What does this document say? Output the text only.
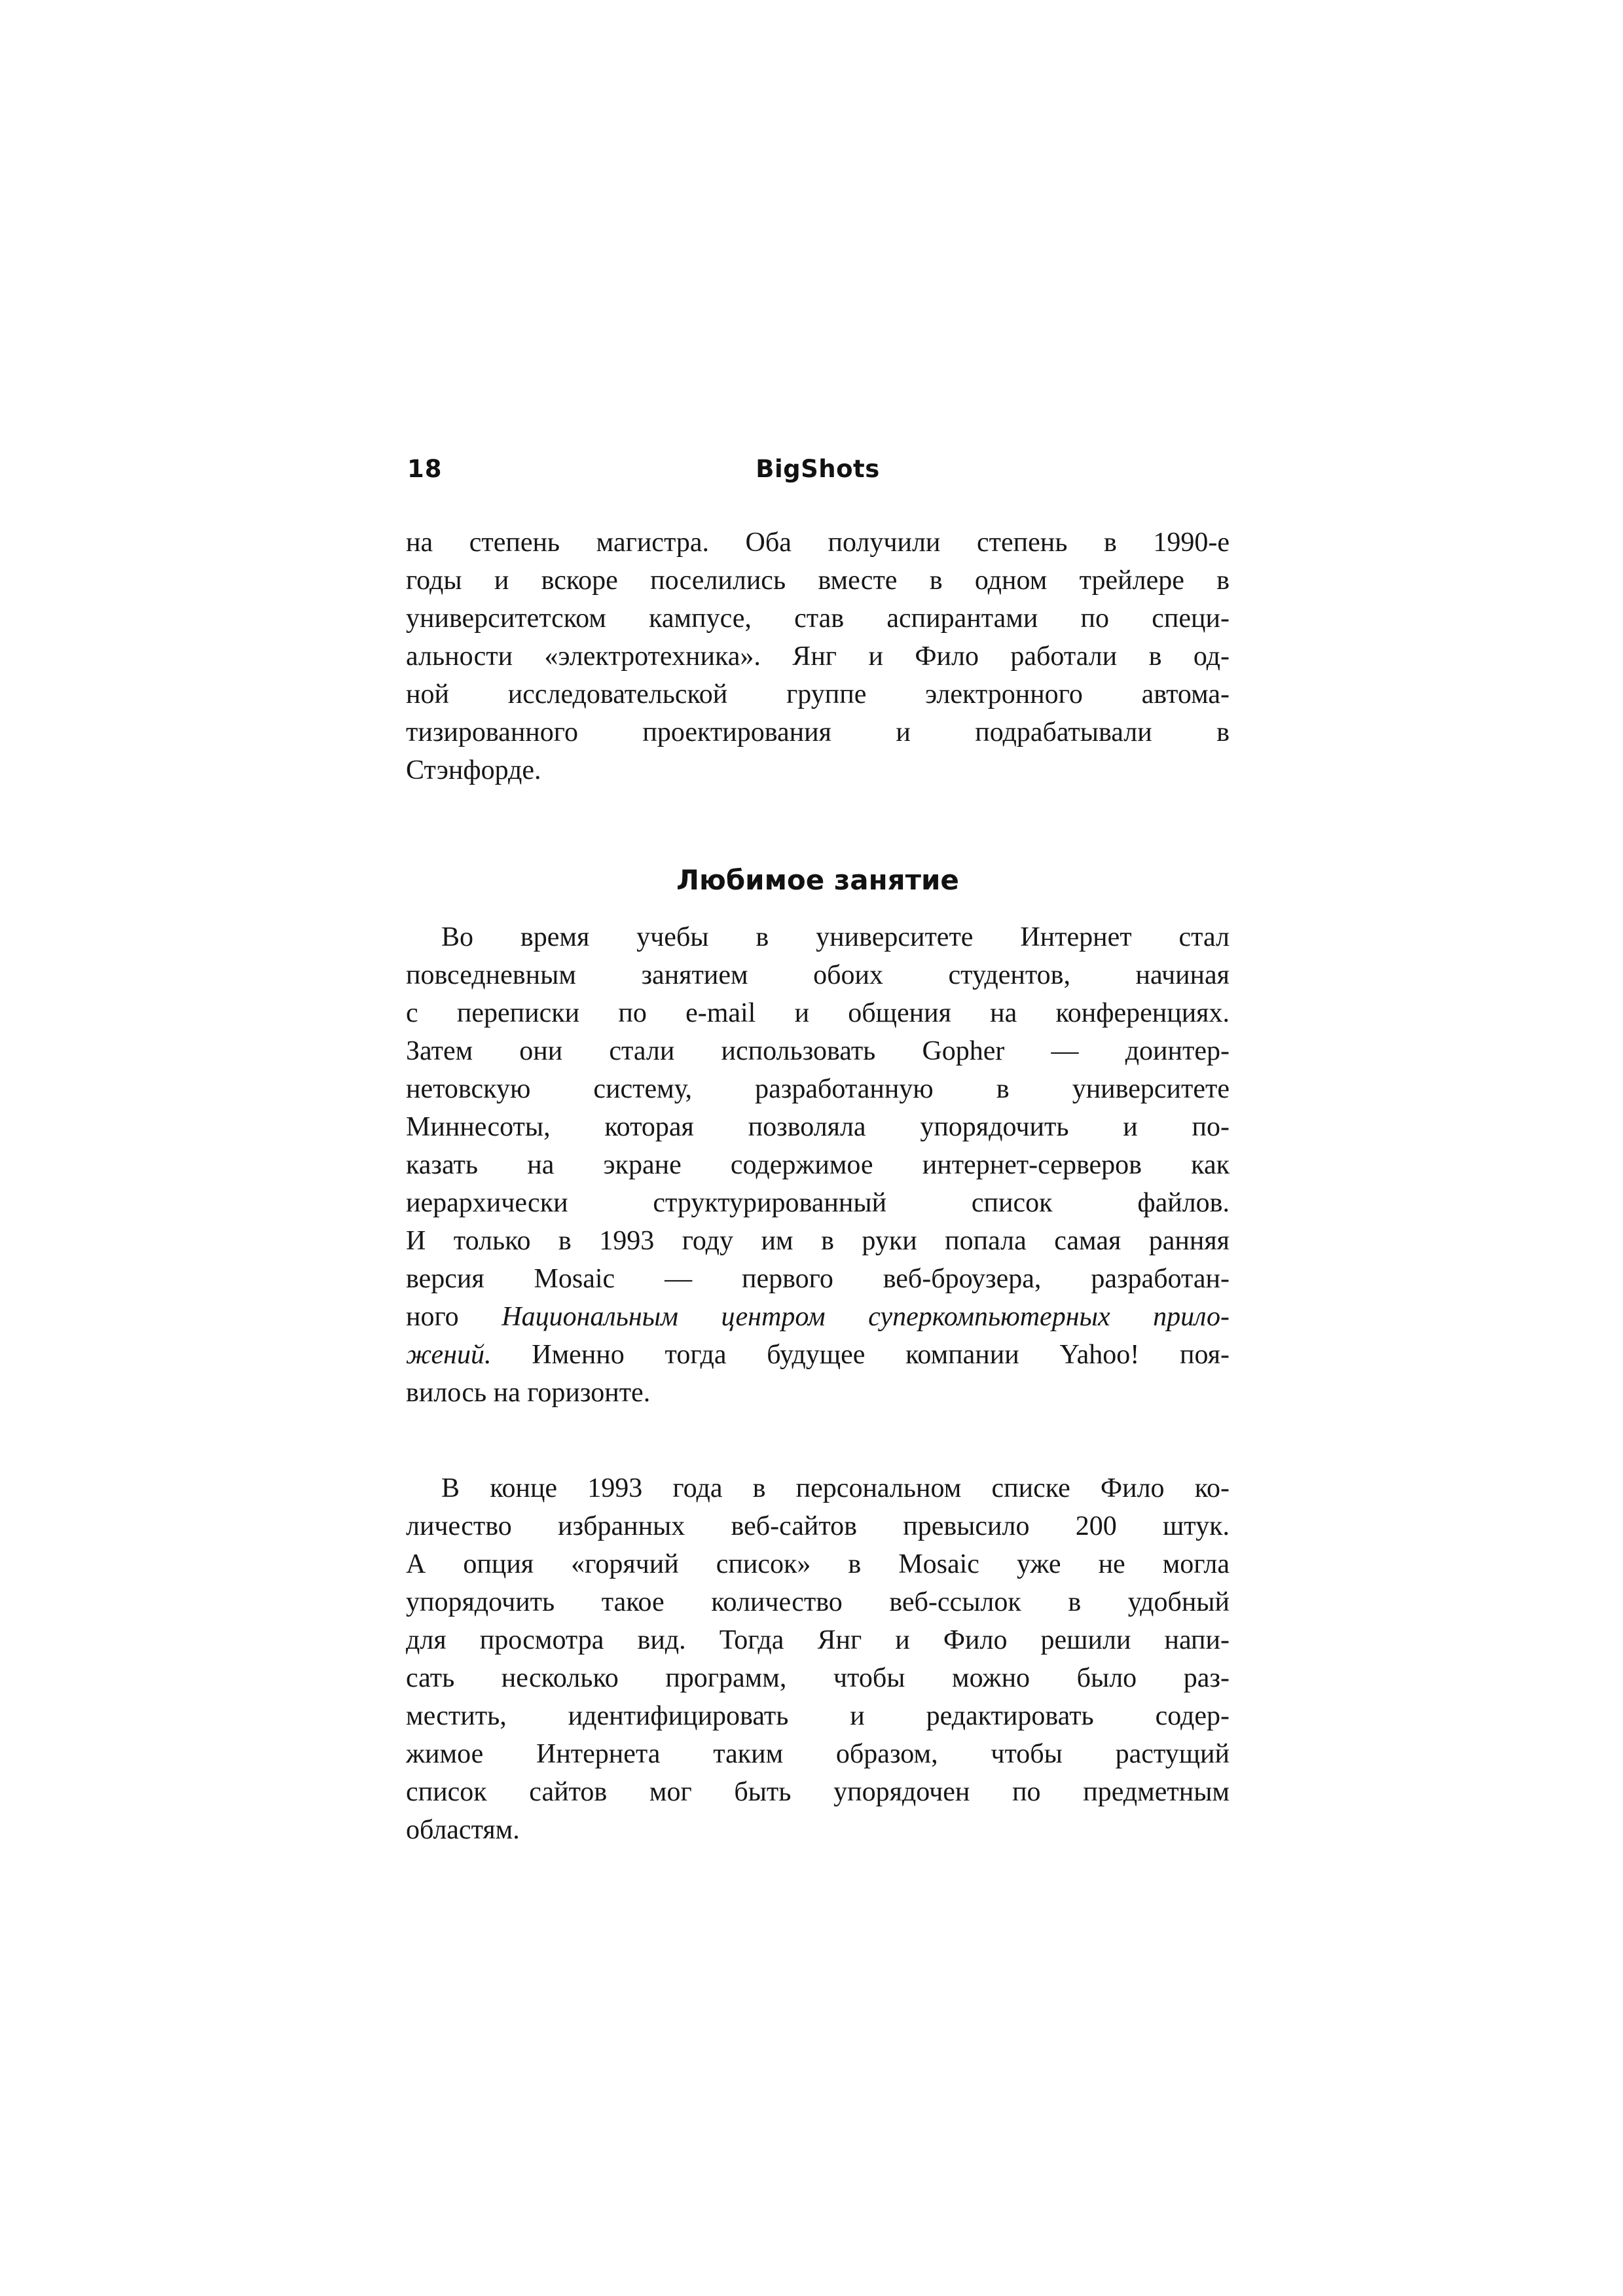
18	BigShots
на степень магистра. Оба получили степень в 1990-е
годы и вскоре поселились вместе в одном трейлере в
университетском кампусе, став аспирантами по специ-
альности «электротехника». Янг и Фило работали в од-
ной исследовательской группе электронного автома-
тизированного проектирования и подрабатывали в
Стэнфорде.
Любимое занятие
Во время учебы в университете Интернет стал
повседневным занятием обоих студентов, начиная
с переписки по e-mail и общения на конференциях.
Затем они стали использовать Gopher — доинтер-
нетовскую систему, разработанную в университете
Миннесоты, которая позволяла упорядочить и по-
казать на экране содержимое интернет-серверов как
иерархически структурированный список файлов.
И только в 1993 году им в руки попала самая ранняя
версия Mosaic — первого веб-броузера, разработан-
ного Национальным центром суперкомпьютерных прило-
жений. Именно тогда будущее компании Yahoo! поя-
вилось на горизонте.
В конце 1993 года в персональном списке Фило ко-
личество избранных веб-сайтов превысило 200 штук.
А опция «горячий список» в Mosaic уже не могла
упорядочить такое количество веб-ссылок в удобный
для просмотра вид. Тогда Янг и Фило решили напи-
сать несколько программ, чтобы можно было раз-
местить, идентифицировать и редактировать содер-
жимое Интернета таким образом, чтобы растущий
список сайтов мог быть упорядочен по предметным
областям.
